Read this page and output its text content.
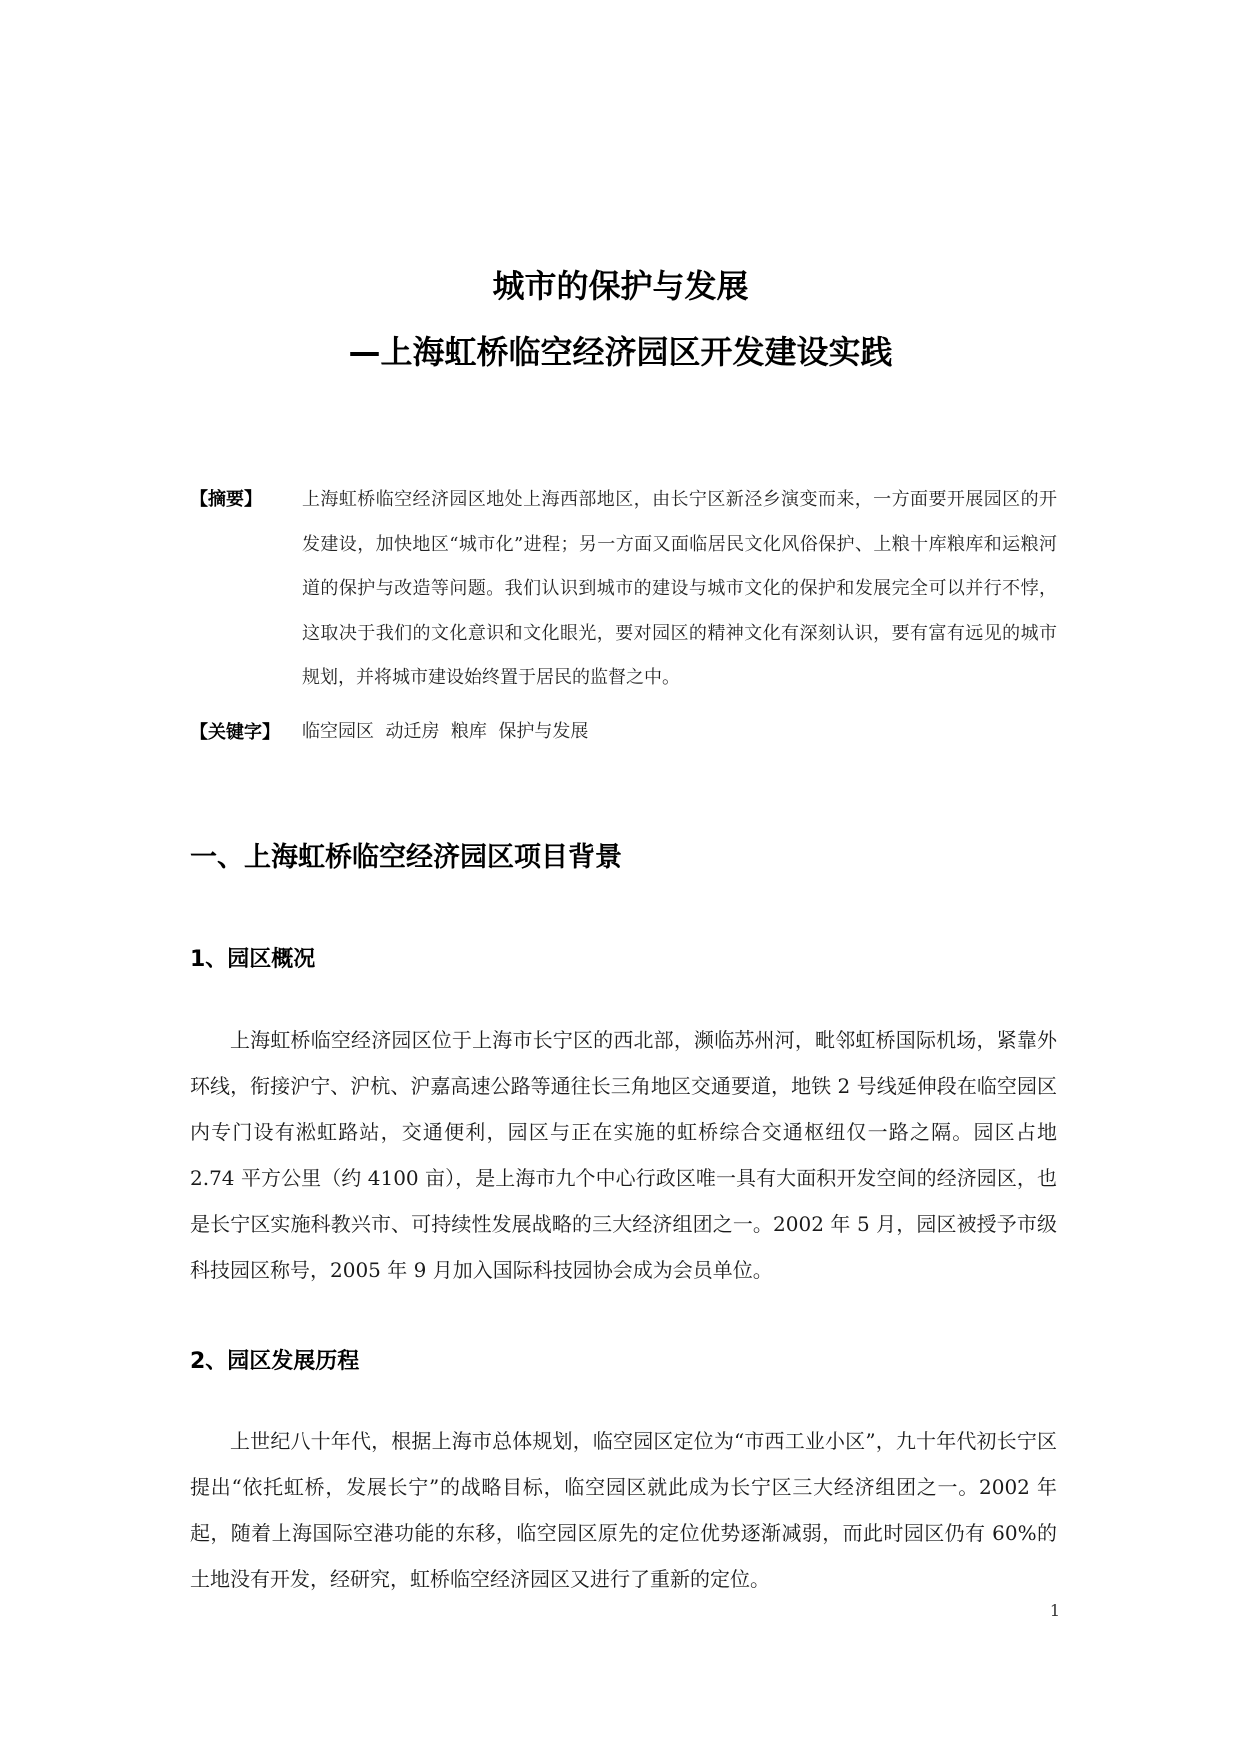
城市的保护与发展
—上海虹桥临空经济园区开发建设实践
【摘要】 上海虹桥临空经济园区地处上海西部地区，由长宁区新泾乡演变而来，一方面要开展园区的开发建设，加快地区“城市化”进程；另一方面又面临居民文化风俗保护、上粮十库粮库和运粮河道的保护与改造等问题。我们认识到城市的建设与城市文化的保护和发展完全可以并行不悖，这取决于我们的文化意识和文化眼光，要对园区的精神文化有深刻认识，要有富有远见的城市规划，并将城市建设始终置于居民的监督之中。
【关键字】 临空园区  动迁房  粮库  保护与发展
一、上海虹桥临空经济园区项目背景
1、园区概况
上海虹桥临空经济园区位于上海市长宁区的西北部，濒临苏州河，毗邻虹桥国际机场，紧靠外环线，衔接沪宁、沪杭、沪嘉高速公路等通往长三角地区交通要道，地铁 2 号线延伸段在临空园区内专门设有淞虹路站，交通便利，园区与正在实施的虹桥综合交通枢纽仅一路之隔。园区占地 2.74 平方公里（约 4100 亩），是上海市九个中心行政区唯一具有大面积开发空间的经济园区，也是长宁区实施科教兴市、可持续性发展战略的三大经济组团之一。2002 年 5 月，园区被授予市级科技园区称号，2005 年 9 月加入国际科技园协会成为会员单位。
2、园区发展历程
上世纪八十年代，根据上海市总体规划，临空园区定位为“市西工业小区”，九十年代初长宁区提出“依托虹桥，发展长宁”的战略目标，临空园区就此成为长宁区三大经济组团之一。2002 年起，随着上海国际空港功能的东移，临空园区原先的定位优势逐渐减弱，而此时园区仍有 60%的土地没有开发，经研究，虹桥临空经济园区又进行了重新的定位。
1
